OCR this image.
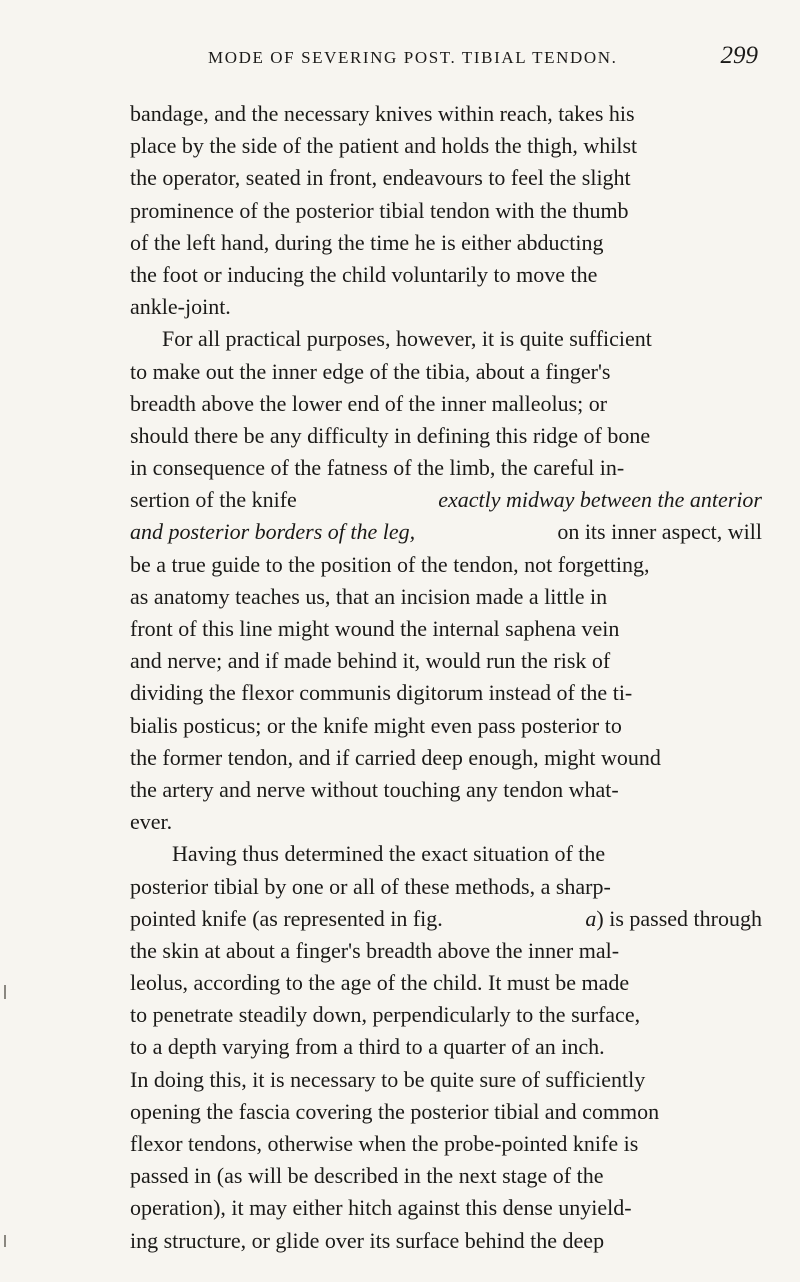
MODE OF SEVERING POST. TIBIAL TENDON.	299
bandage, and the necessary knives within reach, takes his
place by the side of the patient and holds the thigh, whilst
the operator, seated in front, endeavours to feel the slight
prominence of the posterior tibial tendon with the thumb
of the left hand, during the time he is either abducting
the foot or inducing the child voluntarily to move the
ankle-joint.
For all practical purposes, however, it is quite sufficient
to make out the inner edge of the tibia, about a finger's
breadth above the lower end of the inner malleolus; or
should there be any difficulty in defining this ridge of bone
in consequence of the fatness of the limb, the careful in-
sertion of the knife	exactly midway between the anterior
and posterior borders of the leg,	on its inner aspect, will
be a true guide to the position of the tendon, not forgetting,
as anatomy teaches us, that an incision made a little in
front of this line might wound the internal saphena vein
and nerve; and if made behind it, would run the risk of
dividing the flexor communis digitorum instead of the ti-
bialis posticus; or the knife might even pass posterior to
the former tendon, and if carried deep enough, might wound
the artery and nerve without touching any tendon what-
ever.
Having thus determined the exact situation of the
posterior tibial by one or all of these methods, a sharp-
pointed knife (as represented in fig.	a) is passed through
the skin at about a finger's breadth above the inner mal-
leolus, according to the age of the child. It must be made
to penetrate steadily down, perpendicularly to the surface,
to a depth varying from a third to a quarter of an inch.
In doing this, it is necessary to be quite sure of sufficiently
opening the fascia covering the posterior tibial and common
flexor tendons, otherwise when the probe-pointed knife is
passed in (as will be described in the next stage of the
operation), it may either hitch against this dense unyield-
ing structure, or glide over its surface behind the deep
